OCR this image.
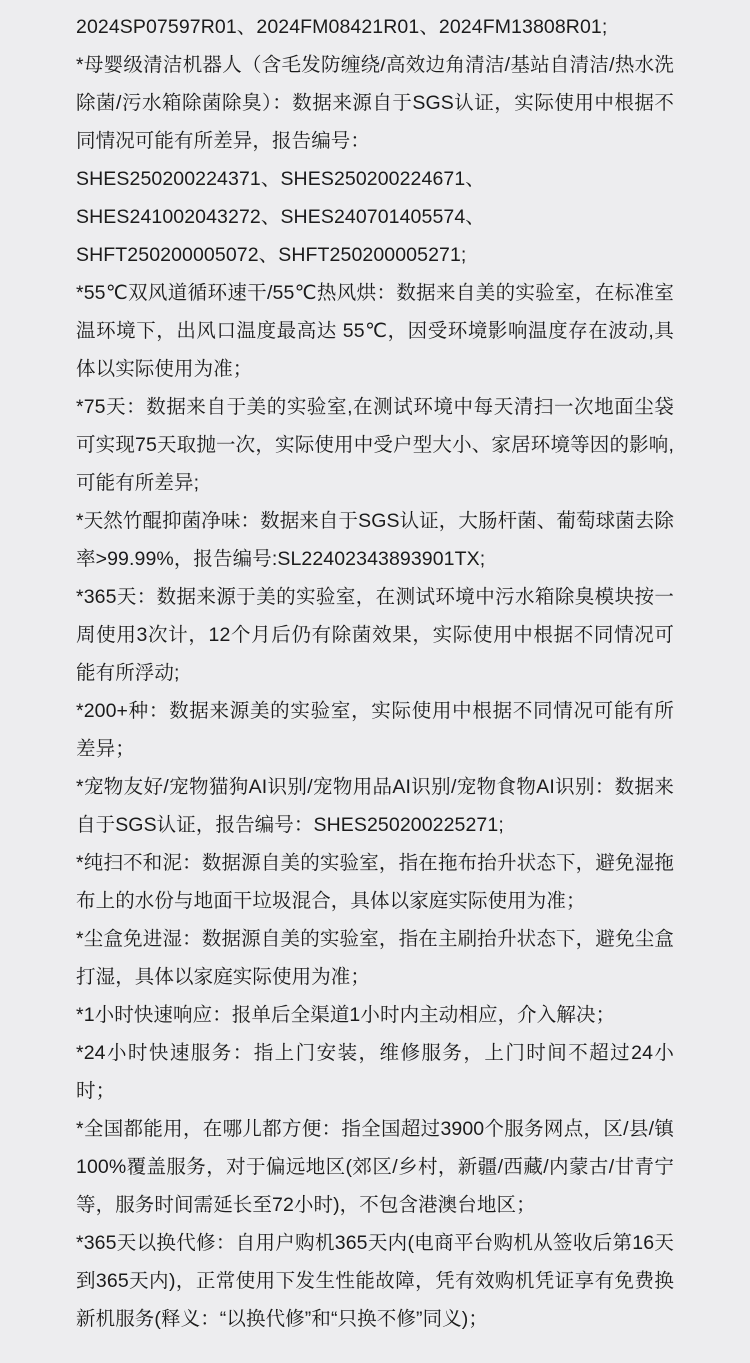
2024SP07597R01、2024FM08421R01、2024FM13808R01;

*母婴级清洁机器人（含毛发防缠绕/高效边角清洁/基站自清洁/热水洗除菌/污水箱除菌除臭）：数据来源自于SGS认证，实际使用中根据不同情况可能有所差异，报告编号：

SHES250200224371、SHES250200224671、

SHES241002043272、SHES240701405574、

SHFT250200005072、SHFT250200005271;

*55℃双风道循环速干/55℃热风烘：数据来自美的实验室，在标准室温环境下，出风口温度最高达 55℃，因受环境影响温度存在波动,具体以实际使用为准；

*75天：数据来自于美的实验室,在测试环境中每天清扫一次地面尘袋可实现75天取抛一次，实际使用中受户型大小、家居环境等因的影响,可能有所差异;

*天然竹醌抑菌净味：数据来自于SGS认证，大肠杆菌、葡萄球菌去除率>99.99%，报告编号:SL22402343893901TX;

*365天：数据来源于美的实验室，在测试环境中污水箱除臭模块按一周使用3次计，12个月后仍有除菌效果，实际使用中根据不同情况可能有所浮动;

*200+种：数据来源美的实验室，实际使用中根据不同情况可能有所差异；

*宠物友好/宠物猫狗AI识别/宠物用品AI识别/宠物食物AI识别：数据来自于SGS认证，报告编号：SHES250200225271;

*纯扫不和泥：数据源自美的实验室，指在拖布抬升状态下，避免湿拖布上的水份与地面干垃圾混合，具体以家庭实际使用为准；

*尘盒免进湿：数据源自美的实验室，指在主刷抬升状态下，避免尘盒打湿，具体以家庭实际使用为准；

*1小时快速响应：报单后全渠道1小时内主动相应，介入解决；

*24小时快速服务：指上门安装，维修服务，上门时间不超过24小时；

*全国都能用，在哪儿都方便：指全国超过3900个服务网点，区/县/镇100%覆盖服务，对于偏远地区(郊区/乡村，新疆/西藏/内蒙古/甘青宁等，服务时间需延长至72小时)，不包含港澳台地区；

*365天以换代修：自用户购机365天内(电商平台购机从签收后第16天到365天内)，正常使用下发生性能故障，凭有效购机凭证享有免费换新机服务(释义：“以换代修”和“只换不修”同义)；
